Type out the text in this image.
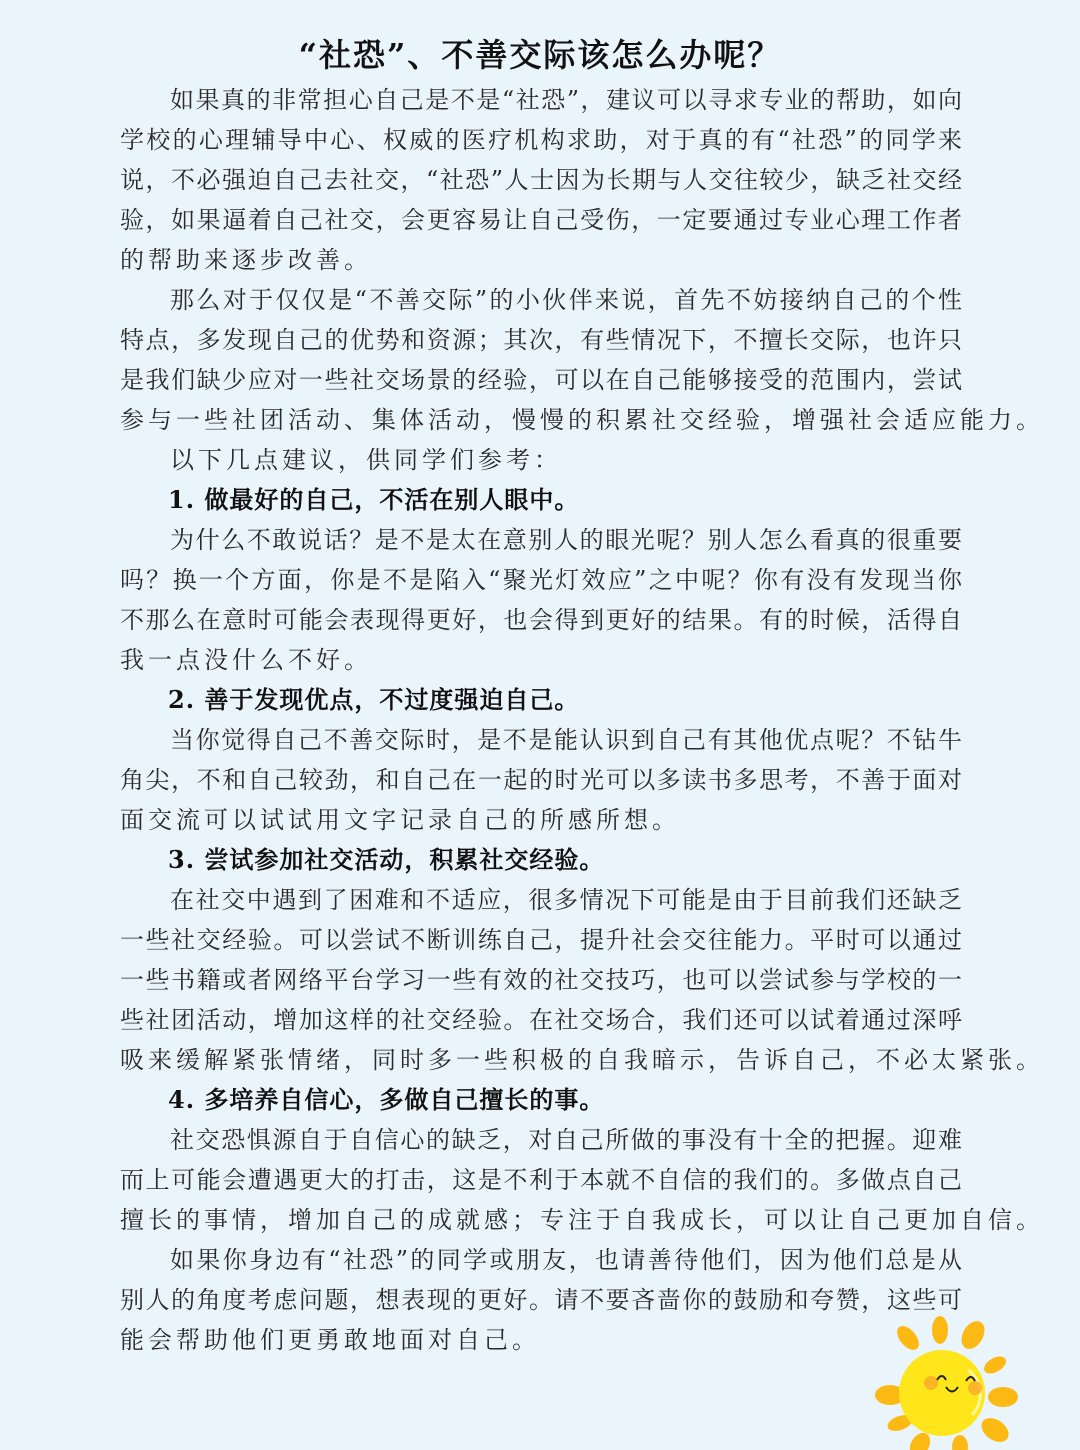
“社恐”、不善交际该怎么办呢？
如果真的非常担心自己是不是“社恐”，建议可以寻求专业的帮助，如向
学校的心理辅导中心、权威的医疗机构求助，对于真的有“社恐”的同学来
说，不必强迫自己去社交，“社恐”人士因为长期与人交往较少，缺乏社交经
验，如果逼着自己社交，会更容易让自己受伤，一定要通过专业心理工作者
的帮助来逐步改善。
那么对于仅仅是“不善交际”的小伙伴来说，首先不妨接纳自己的个性
特点，多发现自己的优势和资源；其次，有些情况下，不擅长交际，也许只
是我们缺少应对一些社交场景的经验，可以在自己能够接受的范围内，尝试
参与一些社团活动、集体活动，慢慢的积累社交经验，增强社会适应能力。
以下几点建议，供同学们参考：
1. 做最好的自己，不活在别人眼中。
为什么不敢说话？是不是太在意别人的眼光呢？别人怎么看真的很重要
吗？换一个方面，你是不是陷入“聚光灯效应”之中呢？你有没有发现当你
不那么在意时可能会表现得更好，也会得到更好的结果。有的时候，活得自
我一点没什么不好。
2. 善于发现优点，不过度强迫自己。
当你觉得自己不善交际时，是不是能认识到自己有其他优点呢？不钻牛
角尖，不和自己较劲，和自己在一起的时光可以多读书多思考，不善于面对
面交流可以试试用文字记录自己的所感所想。
3. 尝试参加社交活动，积累社交经验。
在社交中遇到了困难和不适应，很多情况下可能是由于目前我们还缺乏
一些社交经验。可以尝试不断训练自己，提升社会交往能力。平时可以通过
一些书籍或者网络平台学习一些有效的社交技巧，也可以尝试参与学校的一
些社团活动，增加这样的社交经验。在社交场合，我们还可以试着通过深呼
吸来缓解紧张情绪，同时多一些积极的自我暗示，告诉自己，不必太紧张。
4. 多培养自信心，多做自己擅长的事。
社交恐惧源自于自信心的缺乏，对自己所做的事没有十全的把握。迎难
而上可能会遭遇更大的打击，这是不利于本就不自信的我们的。多做点自己
擅长的事情，增加自己的成就感；专注于自我成长，可以让自己更加自信。
如果你身边有“社恐”的同学或朋友，也请善待他们，因为他们总是从
别人的角度考虑问题，想表现的更好。请不要吝啬你的鼓励和夸赞，这些可
能会帮助他们更勇敢地面对自己。
